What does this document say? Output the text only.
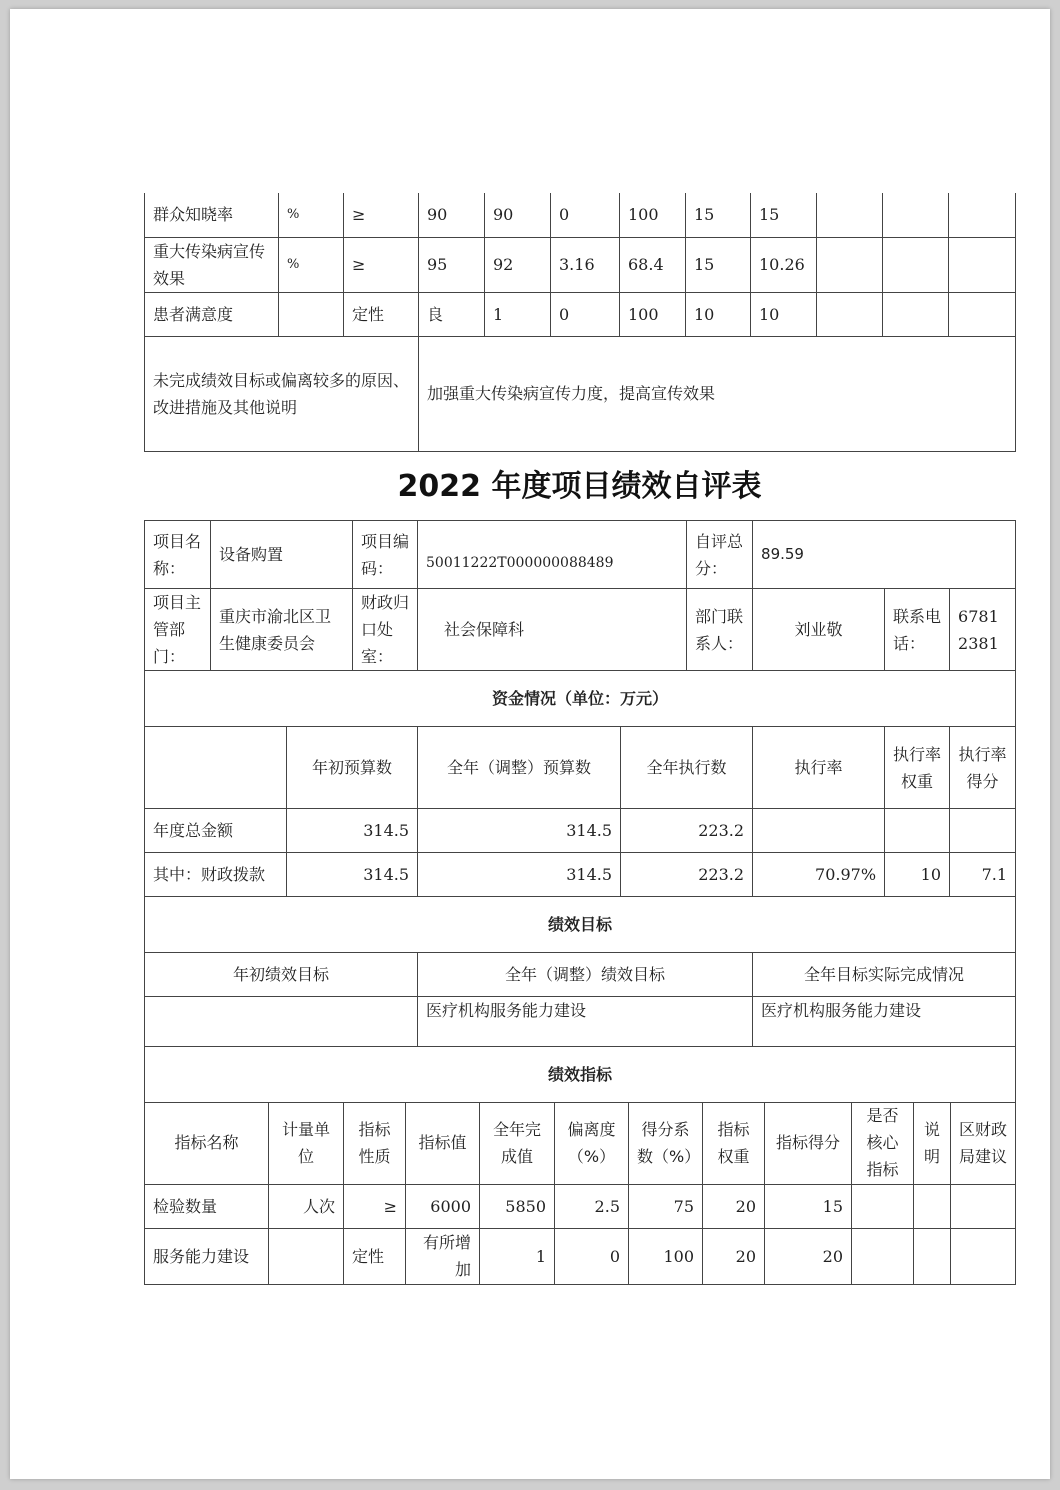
群众知晓率	%	≥	90	90	0	100	15	15			
重大传染病宣传效果	%	≥	95	92	3.16	68.4	15	10.26			
患者满意度		定性	良	1	0	100	10	10			
未完成绩效目标或偏离较多的原因、改进措施及其他说明			加强重大传染病宣传力度，提高宣传效果								
2022 年度项目绩效自评表
项目名称：	设备购置		项目编码：	50011222T000000088489		自评总分：	89.59		
项目主管部门：	重庆市渝北区卫生健康委员会		财政归口处室：	社会保障科		部门联系人：	刘业敬	联系电话：	67812381
资金情况（单位：万元）									
		年初预算数		全年（调整）预算数	全年执行数		执行率	执行率权重	执行率得分
年度总金额		314.5		314.5	223.2				
其中：财政拨款		314.5		314.5	223.2		70.97%	10	7.1
绩效目标									
年初绩效目标				全年（调整）绩效目标			全年目标实际完成情况		
				医疗机构服务能力建设			医疗机构服务能力建设		
绩效指标									
指标名称	计量单位	指标性质	指标值	全年完成值	偏离度（%）	得分系数（%）	指标权重	指标得分	是否核心指标	说明	区财政局建议
检验数量	人次	≥	6000	5850	2.5	75	20	15			
服务能力建设		定性	有所增加	1	0	100	20	20			
